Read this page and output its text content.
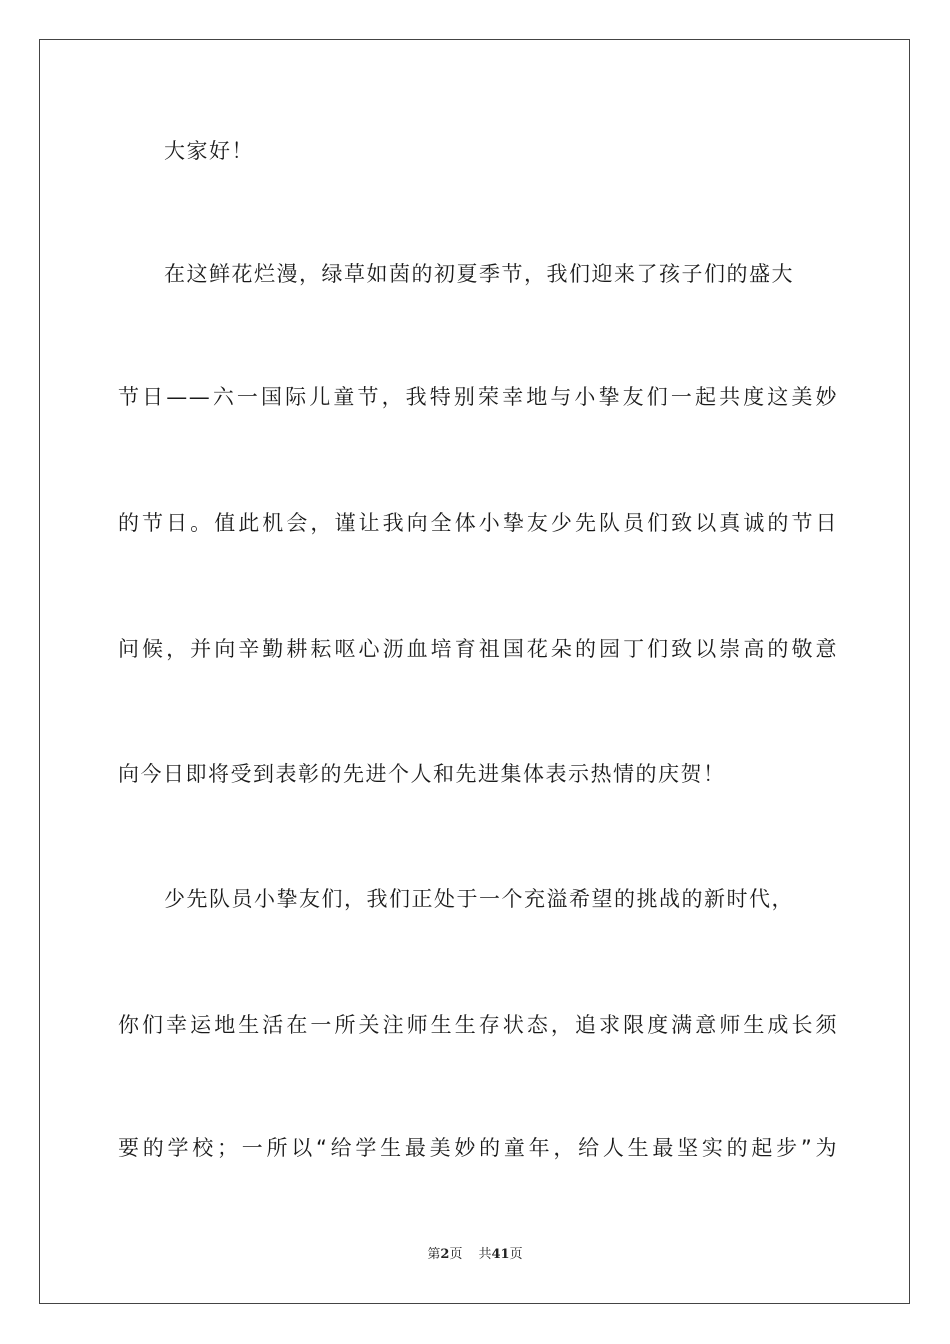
大家好！
在这鲜花烂漫，绿草如茵的初夏季节，我们迎来了孩子们的盛大
节日——六一国际儿童节，我特别荣幸地与小挚友们一起共度这美妙
的节日。值此机会，谨让我向全体小挚友少先队员们致以真诚的节日
问候，并向辛勤耕耘呕心沥血培育祖国花朵的园丁们致以崇高的敬意
向今日即将受到表彰的先进个人和先进集体表示热情的庆贺！
少先队员小挚友们，我们正处于一个充溢希望的挑战的新时代，
你们幸运地生活在一所关注师生生存状态，追求限度满意师生成长须
要的学校；一所以“给学生最美妙的童年，给人生最坚实的起步”为
第2页 共41页
